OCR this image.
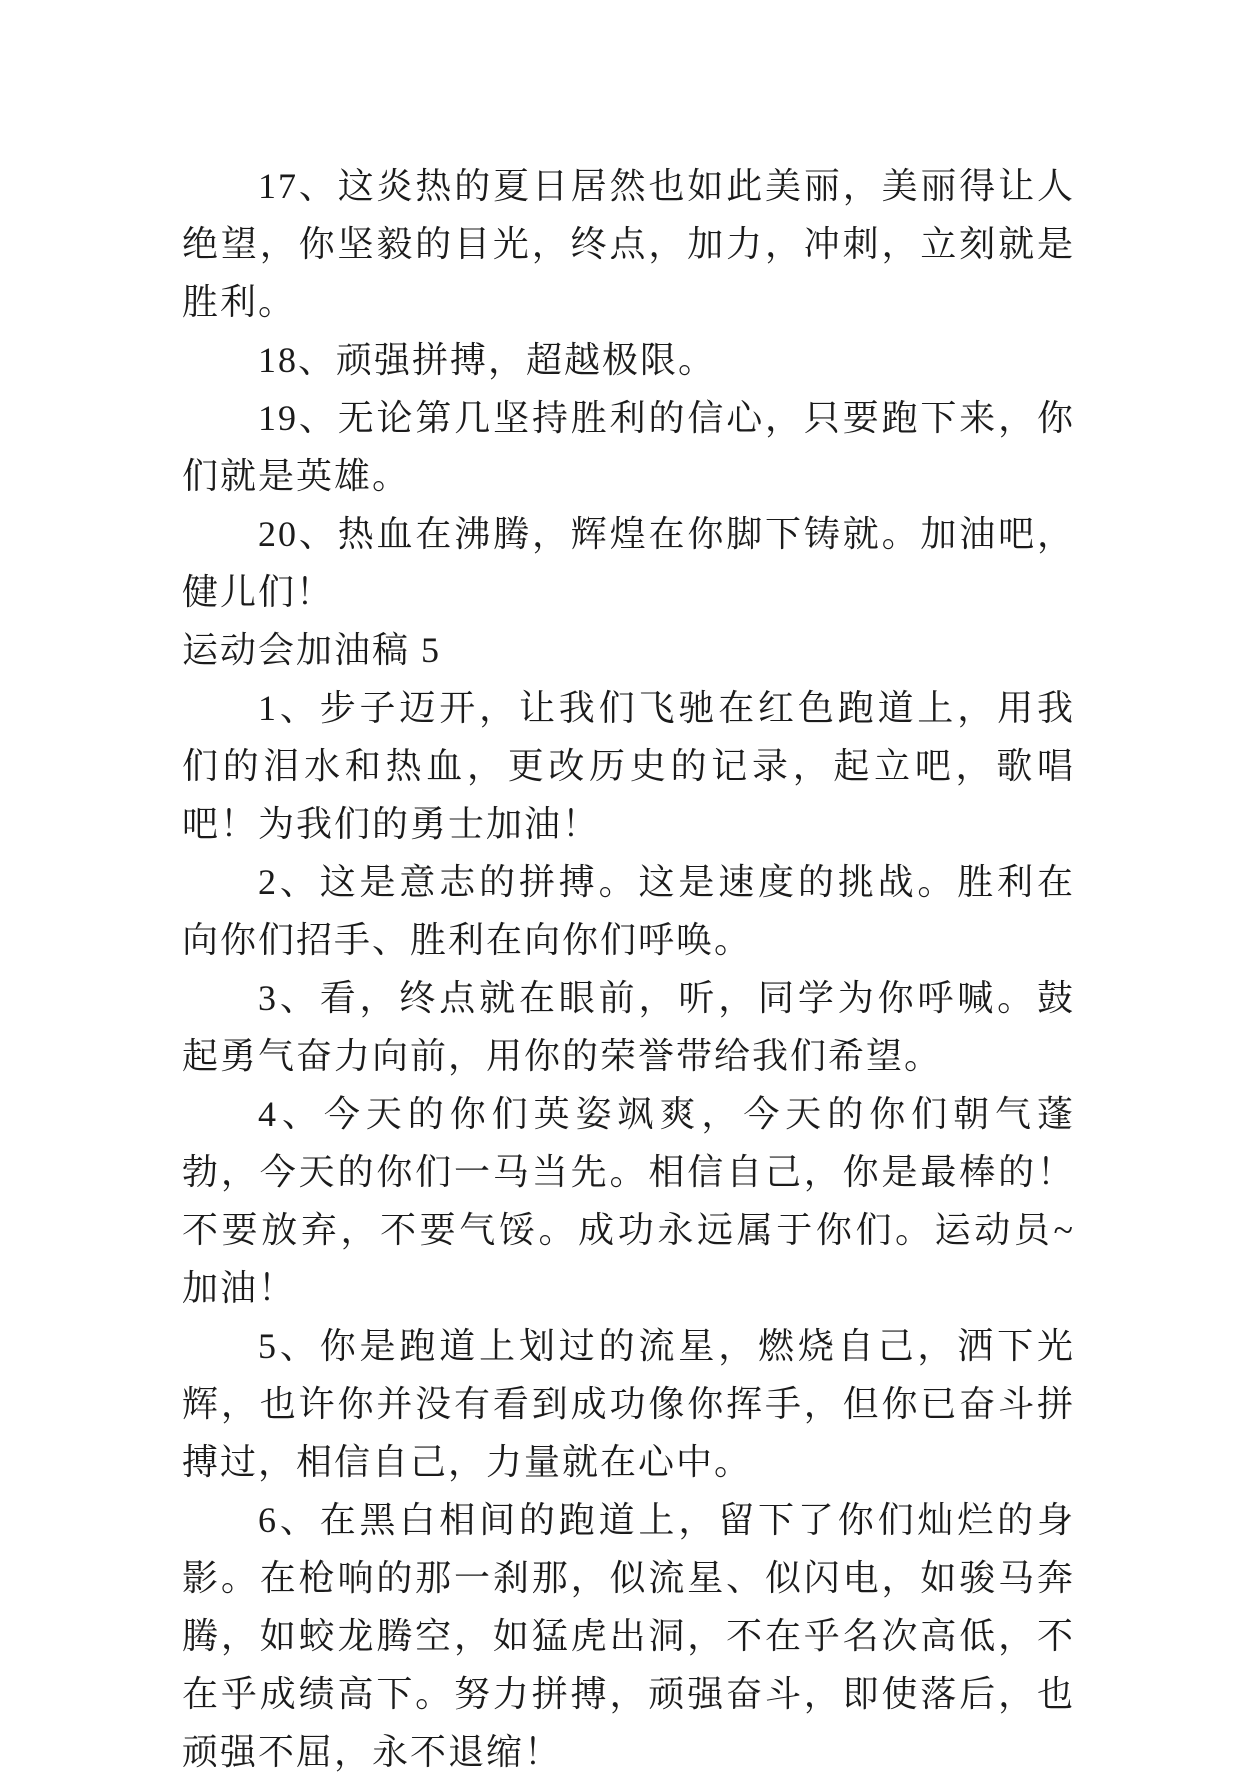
17、这炎热的夏日居然也如此美丽，美丽得让人绝望，你坚毅的目光，终点，加力，冲刺，立刻就是胜利。

18、顽强拼搏，超越极限。

19、无论第几坚持胜利的信心，只要跑下来，你们就是英雄。

20、热血在沸腾，辉煌在你脚下铸就。加油吧，健儿们！

运动会加油稿 5

1、步子迈开，让我们飞驰在红色跑道上，用我们的泪水和热血，更改历史的记录，起立吧，歌唱吧！为我们的勇士加油！

2、这是意志的拼搏。这是速度的挑战。胜利在向你们招手、胜利在向你们呼唤。

3、看，终点就在眼前，听，同学为你呼喊。鼓起勇气奋力向前，用你的荣誉带给我们希望。

4、今天的你们英姿飒爽，今天的你们朝气蓬勃，今天的你们一马当先。相信自己，你是最棒的！不要放弃，不要气馁。成功永远属于你们。运动员~加油！

5、你是跑道上划过的流星，燃烧自己，洒下光辉，也许你并没有看到成功像你挥手，但你已奋斗拼搏过，相信自己，力量就在心中。

6、在黑白相间的跑道上，留下了你们灿烂的身影。在枪响的那一刹那，似流星、似闪电，如骏马奔腾，如蛟龙腾空，如猛虎出洞，不在乎名次高低，不在乎成绩高下。努力拼搏，顽强奋斗，即使落后，也顽强不屈，永不退缩！
